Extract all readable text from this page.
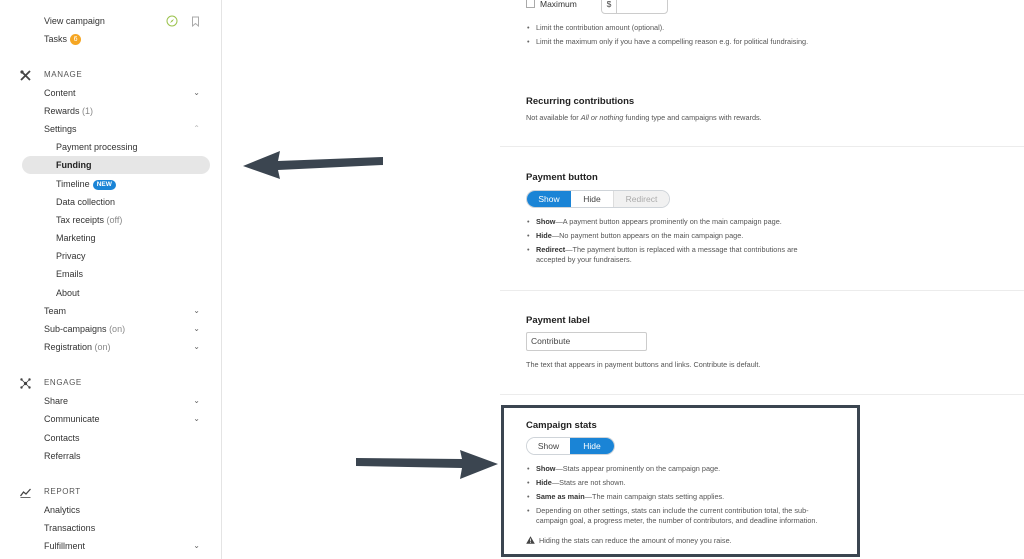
View campaign

Tasks 6
MANAGE
Content	⌄
Rewards (1)
Settings	⌃
Payment processing
Funding
Timeline NEW
Data collection
Tax receipts (off)
Marketing
Privacy
Emails
About
Team	⌄
Sub-campaigns (on)	⌄
Registration (on)	⌄
ENGAGE
Share	⌄
Communicate	⌄
Contacts
Referrals
REPORT
Analytics
Transactions
Fulfillment	⌄
Maximum	$
• Limit the contribution amount (optional).
• Limit the maximum only if you have a compelling reason e.g. for political fundraising.
Recurring contributions
Not available for All or nothing funding type and campaigns with rewards.
Payment button
Show	Hide	Redirect
• Show—A payment button appears prominently on the main campaign page.
• Hide—No payment button appears on the main campaign page.
• Redirect—The payment button is replaced with a message that contributions are
accepted by your fundraisers.
Payment label
Contribute
The text that appears in payment buttons and links. Contribute is default.
Campaign stats
Show	Hide
• Show—Stats appear prominently on the campaign page.
• Hide—Stats are not shown.
• Same as main—The main campaign stats setting applies.
• Depending on other settings, stats can include the current contribution total, the sub-
campaign goal, a progress meter, the number of contributors, and deadline information.
Hiding the stats can reduce the amount of money you raise.
